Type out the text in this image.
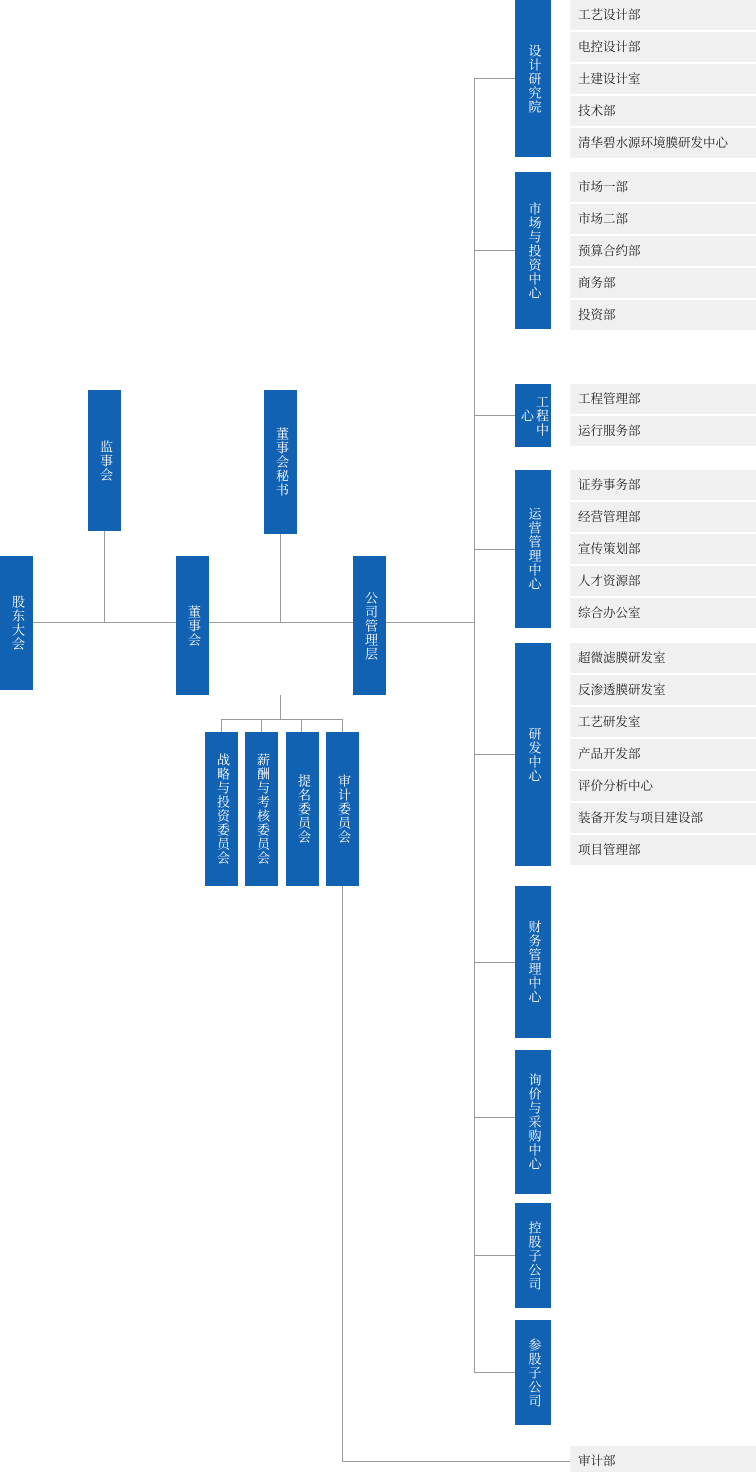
股东大会
监事会
董事会
董事会秘书
公司管理层
战略与投资委员会	薪酬与考核委员会	提名委员会	审计委员会
审计部
设计研究院
工艺设计部
电控设计部
土建设计室
技术部
清华碧水源环境膜研发中心
市场与投资中心
市场一部
市场二部
预算合约部
商务部
投资部
工程中心
工程管理部
运行服务部
运营管理中心
证券事务部
经营管理部
宣传策划部
人才资源部
综合办公室
研发中心
超微滤膜研发室
反渗透膜研发室
工艺研发室
产品开发部
评价分析中心
装备开发与项目建设部
项目管理部
财务管理中心
询价与采购中心
控股子公司
参股子公司
